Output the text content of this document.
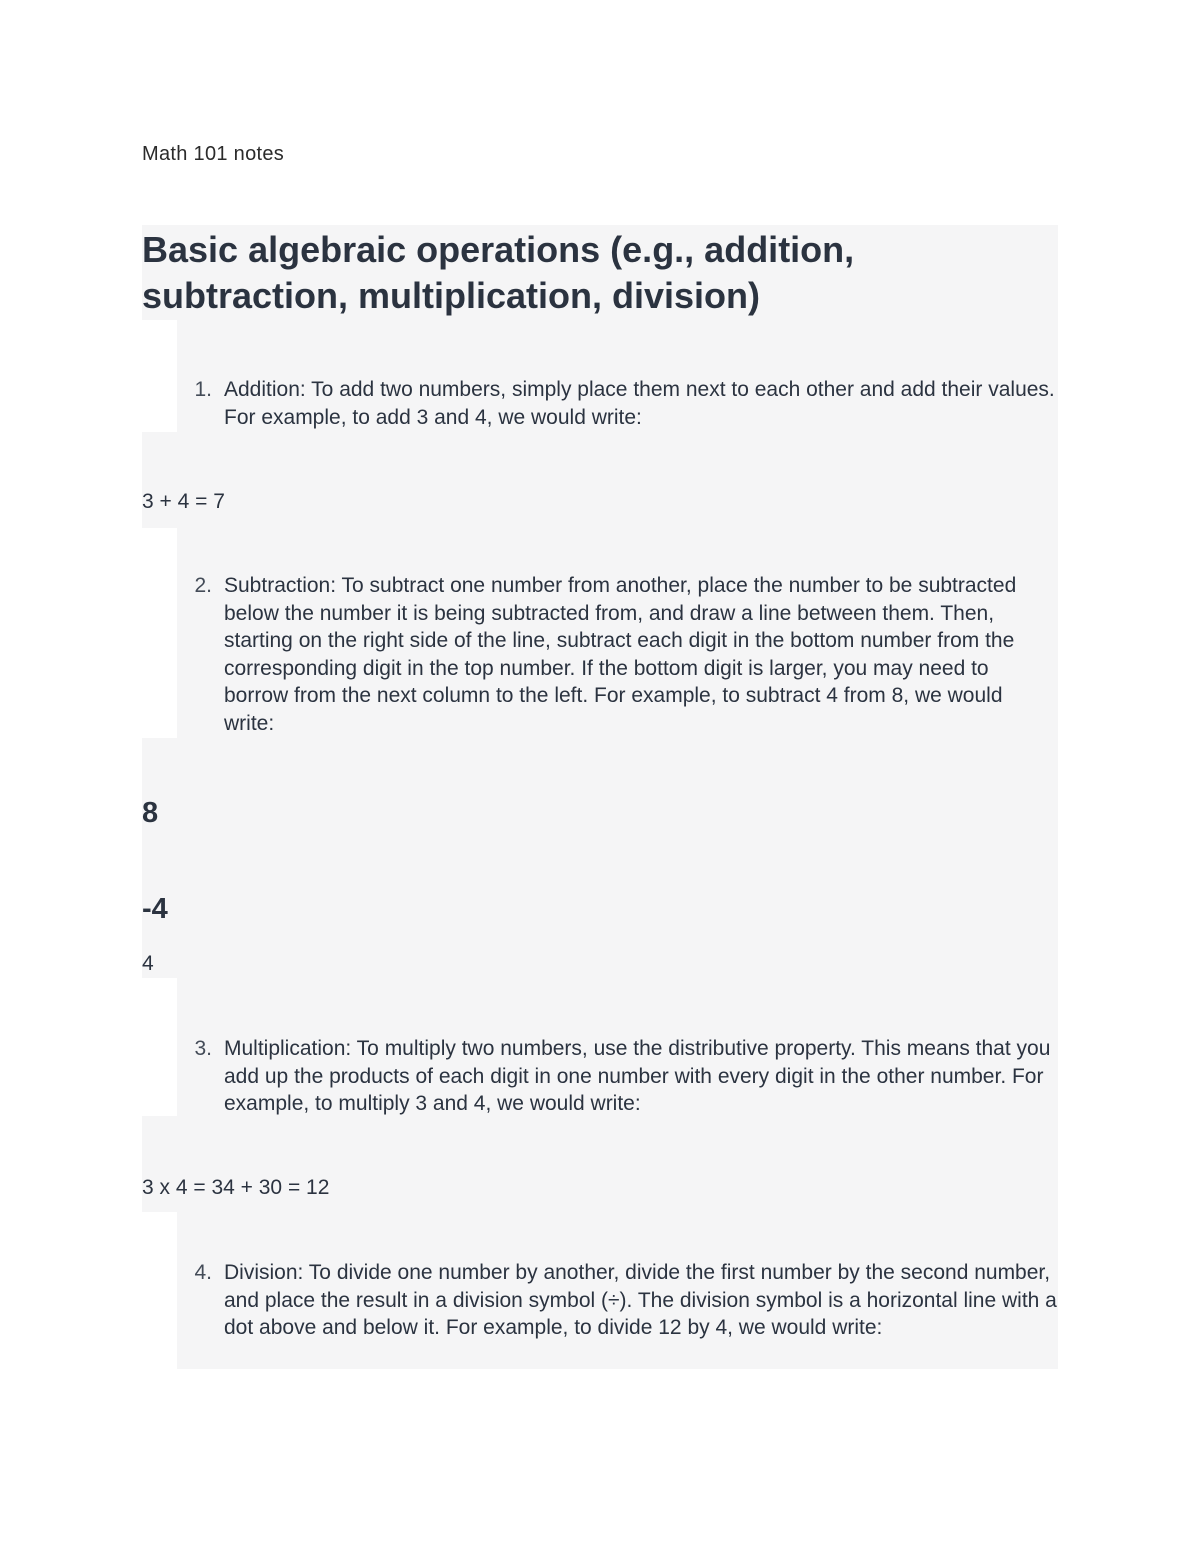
Math 101 notes
Basic algebraic operations (e.g., addition, subtraction, multiplication, division)
1. Addition: To add two numbers, simply place them next to each other and add their values. For example, to add 3 and 4, we would write:
3 + 4 = 7
2. Subtraction: To subtract one number from another, place the number to be subtracted below the number it is being subtracted from, and draw a line between them. Then, starting on the right side of the line, subtract each digit in the bottom number from the corresponding digit in the top number. If the bottom digit is larger, you may need to borrow from the next column to the left. For example, to subtract 4 from 8, we would write:
8
-4
4
3. Multiplication: To multiply two numbers, use the distributive property. This means that you add up the products of each digit in one number with every digit in the other number. For example, to multiply 3 and 4, we would write:
3 x 4 = 34 + 30 = 12
4. Division: To divide one number by another, divide the first number by the second number, and place the result in a division symbol (÷). The division symbol is a horizontal line with a dot above and below it. For example, to divide 12 by 4, we would write:
